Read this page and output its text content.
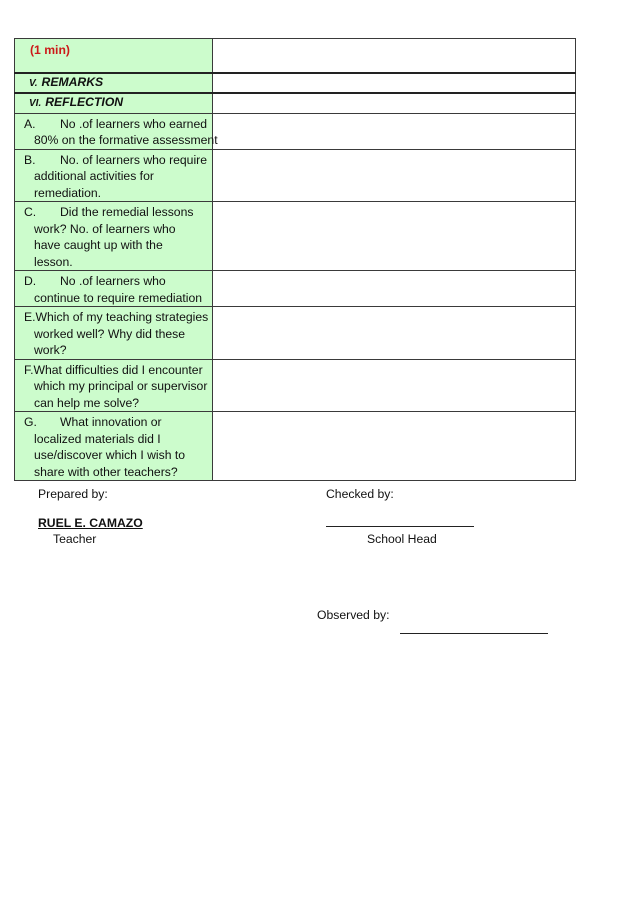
(1 min)	

V. REMARKS	

VI. REFLECTION	

A. No .of learners who earned
80% on the formative assessment	

B. No. of learners who require
additional activities for remediation.	

C. Did the remedial lessons
work? No. of learners who have caught up with the lesson.	

D. No .of learners who
continue to require remediation	

E.Which of my teaching strategies
worked well? Why did these work?	

F.What difficulties did I encounter
which my principal or supervisor can help me solve?	

G. What innovation or
localized materials did I use/discover which I wish to share with other teachers?	

Prepared by:
RUEL E. CAMAZO
Teacher
Checked by:
School Head
Observed by:
